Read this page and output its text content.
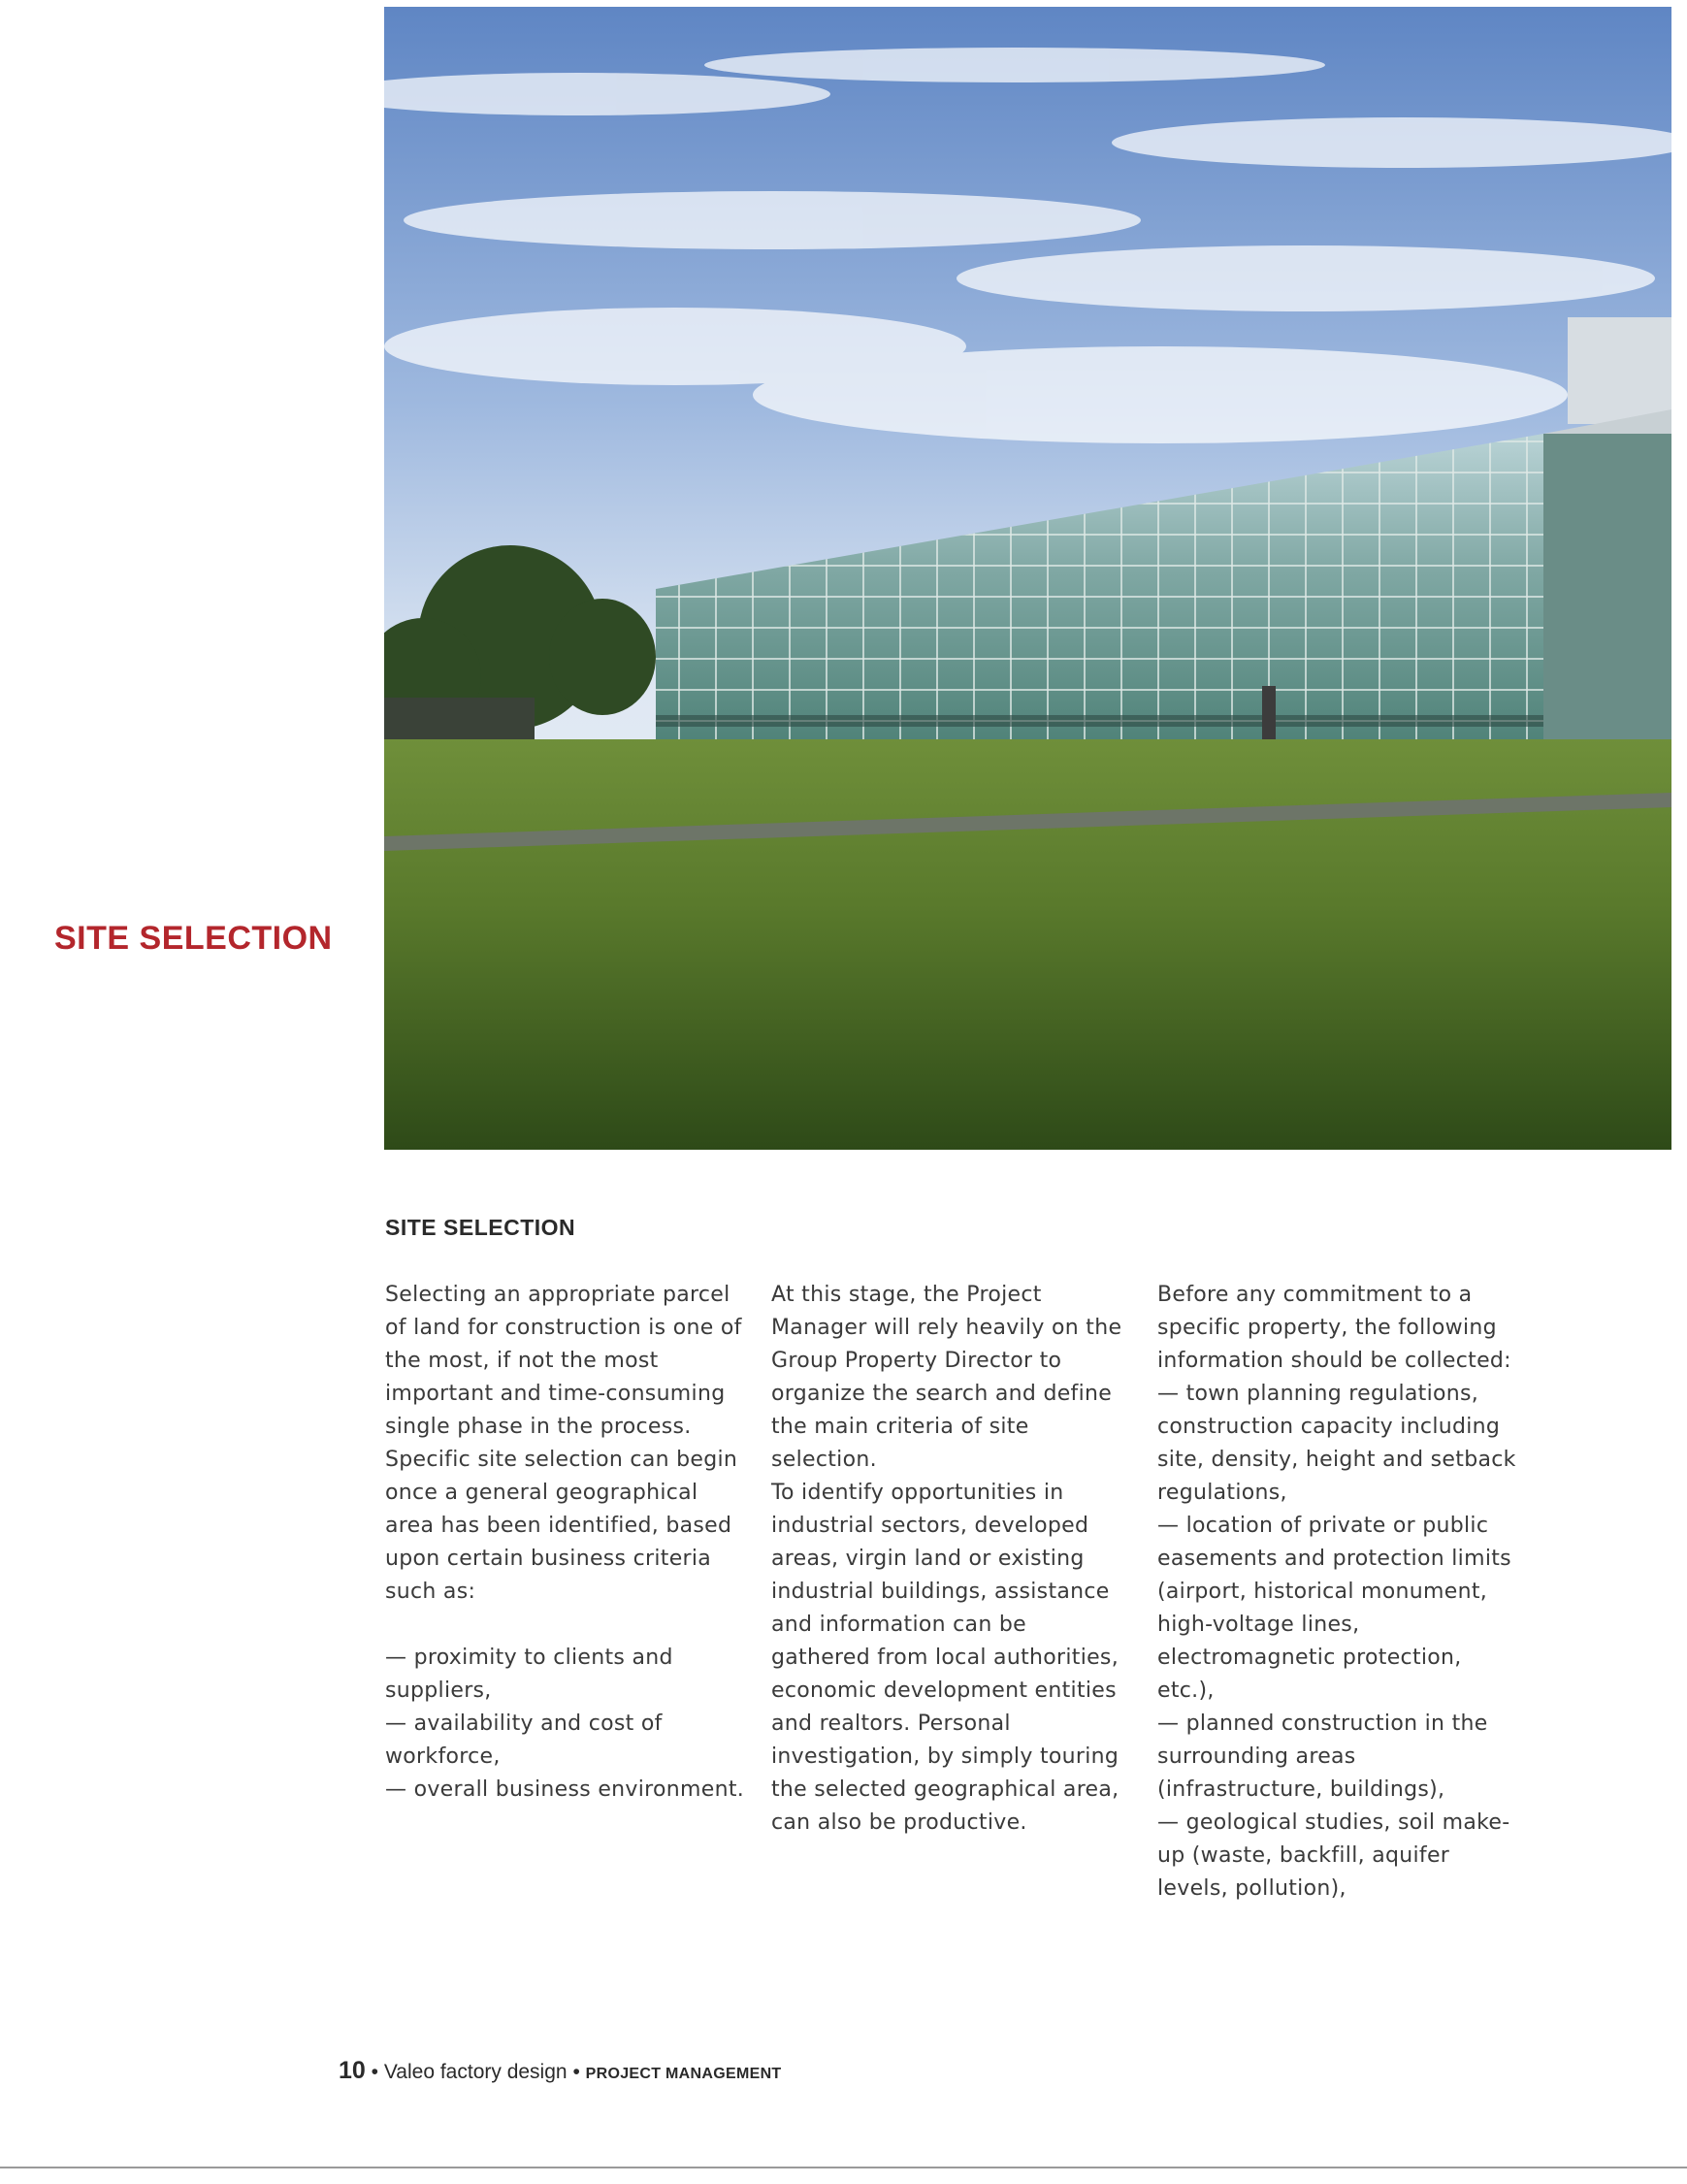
SITE SELECTION
SITE SELECTION

Selecting an appropriate parcel of land for construction is one of the most, if not the most important and time-consuming single phase in the process. Specific site selection can begin once a general geographical area has been identified, based upon certain business criteria such as:

— proximity to clients and suppliers,

— availability and cost of workforce,

— overall business environment.

At this stage, the Project Manager will rely heavily on the Group Property Director to organize the search and define the main criteria of site selection.

To identify opportunities in industrial sectors, developed areas, virgin land or existing industrial buildings, assistance and information can be gathered from local authorities, economic development entities and realtors. Personal investigation, by simply touring the selected geographical area, can also be productive.

Before any commitment to a specific property, the following information should be collected:

— town planning regulations, construction capacity including site, density, height and setback regulations,

— location of private or public easements and protection limits (airport, historical monument, high-voltage lines, electromagnetic protection, etc.),

— planned construction in the surrounding areas (infrastructure, buildings),

— geological studies, soil make-up (waste, backfill, aquifer levels, pollution),

10 • Valeo factory design • PROJECT MANAGEMENT
